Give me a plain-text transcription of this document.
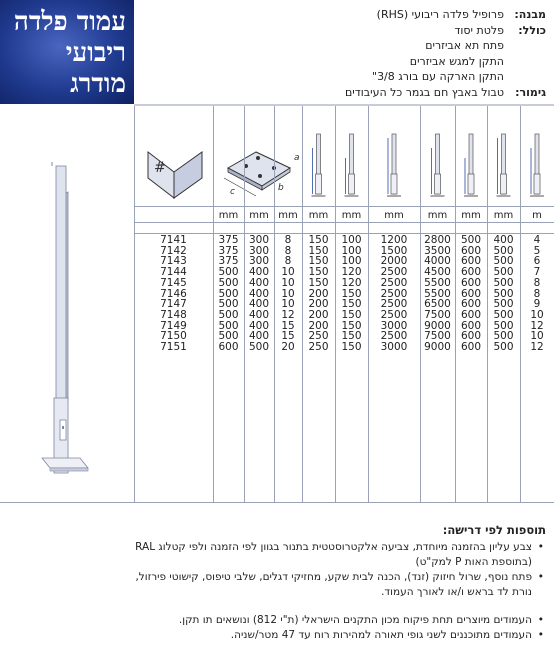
עמוד פלדה
ריבועי
מודרג
מבנה:
פרופיל פלדה ריבועי (RHS)
כולל:
פלטת יסוד
פתח תא אביזרים
התקן למגש אביזרים
התקן הארקה עם בורג 3/8"
גימור:
טבול באבץ חם בגמר כל העיבודים
#
c	b
a
mm	mm mm	mm	mm	mm	mm	mm	mm	m
7141	375 300	8	150	100	1200	2800 500	400	4
7142	375 300	8	150	100	1500	3500 600	500	5
7143	375 300	8	150	100	2000	4000 600	500	6
7144	500 400	10	150	120	2500	4500 600	500	7
7145	500 400	10	150	120	2500	5500 600	500	8
7146	500 400	10	200	150	2500	5500 600	500	8
7147	500 400	10	200	150	2500	6500 600	500	9
7148	500 400	12	200	150	2500	7500 600	500	10
7149	500 400	15	200	150	3000	9000 600	500	12
7150	500 400	15	250	150	2500	7500 600	500	10
7151	600 500	20	250	150	3000	9000 600	500	12
תוספות לפי דרישה:
• צבע עליון בהזמנה מיוחדת, צביעה אלקטרוסטטית בתנור בגוון לפי הזמנה ולפי קטלוג RAL
(בתוספת האות P למק"ט)
• פתח נוסף, שרול חיזוק (זנד), הכנה לבית שקע, מחזיקי דגלים, שלבי טיפוס, קישוטי פירזול,
נורת לד בראש ו/או לאורך העמוד.
• העמודים מיוצרים תחת פיקוח מכון התקנים הישראלי (ת"י 812) ונושאים תו תקן.
• העמודים מתוכננים לשני גופי תאורה למהירות רוח עד 47 מטר/שניה.
